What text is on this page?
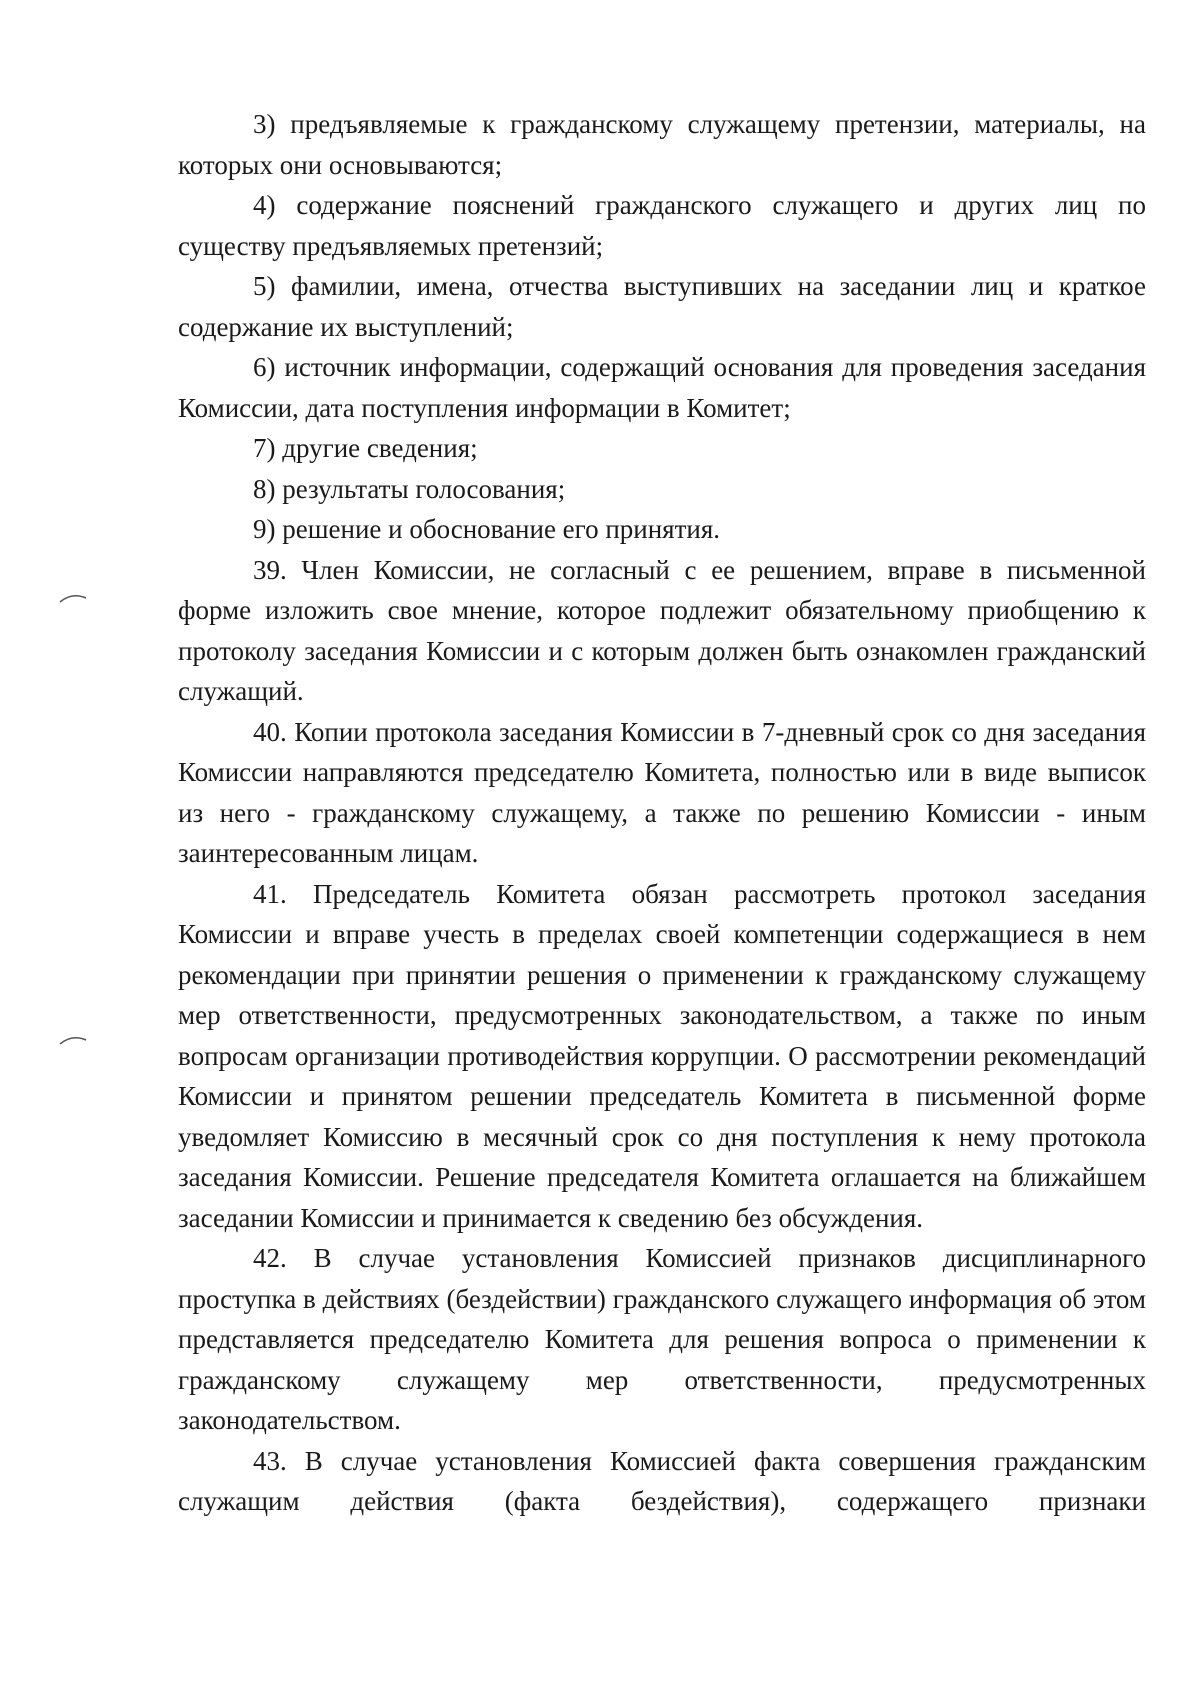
3) предъявляемые к гражданскому служащему претензии, материалы, на которых они основываются;

4) содержание пояснений гражданского служащего и других лиц по существу предъявляемых претензий;

5) фамилии, имена, отчества выступивших на заседании лиц и краткое содержание их выступлений;

6) источник информации, содержащий основания для проведения заседания Комиссии, дата поступления информации в Комитет;

7) другие сведения;

8) результаты голосования;

9) решение и обоснование его принятия.

39. Член Комиссии, не согласный с ее решением, вправе в письменной форме изложить свое мнение, которое подлежит обязательному приобщению к протоколу заседания Комиссии и с которым должен быть ознакомлен гражданский служащий.

40. Копии протокола заседания Комиссии в 7-дневный срок со дня заседания Комиссии направляются председателю Комитета, полностью или в виде выписок из него - гражданскому служащему, а также по решению Комиссии - иным заинтересованным лицам.

41. Председатель Комитета обязан рассмотреть протокол заседания Комиссии и вправе учесть в пределах своей компетенции содержащиеся в нем рекомендации при принятии решения о применении к гражданскому служащему мер ответственности, предусмотренных законодательством, а также по иным вопросам организации противодействия коррупции. О рассмотрении рекомендаций Комиссии и принятом решении председатель Комитета в письменной форме уведомляет Комиссию в месячный срок со дня поступления к нему протокола заседания Комиссии. Решение председателя Комитета оглашается на ближайшем заседании Комиссии и принимается к сведению без обсуждения.

42. В случае установления Комиссией признаков дисциплинарного проступка в действиях (бездействии) гражданского служащего информация об этом представляется председателю Комитета для решения вопроса о применении к гражданскому служащему мер ответственности, предусмотренных законодательством.

43. В случае установления Комиссией факта совершения гражданским служащим действия (факта бездействия), содержащего признаки
